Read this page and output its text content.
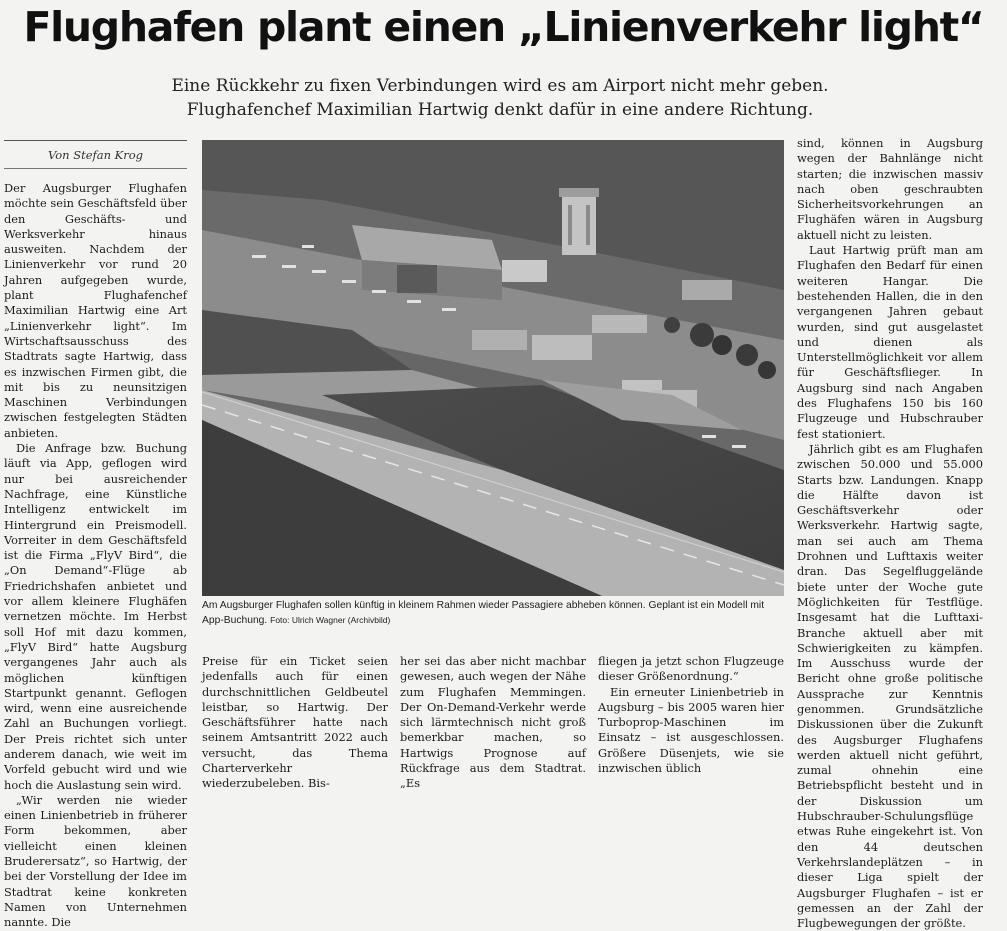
Flughafen plant einen „Linienverkehr light“
Eine Rückkehr zu fixen Verbindungen wird es am Airport nicht mehr geben.
Flughafenchef Maximilian Hartwig denkt dafür in eine andere Richtung.
Von Stefan Krog

Der Augsburger Flughafen möchte sein Geschäftsfeld über den Geschäfts- und Werksverkehr hinaus ausweiten. Nachdem der Linienverkehr vor rund 20 Jahren aufgegeben wurde, plant Flughafenchef Maximilian Hartwig eine Art „Linienverkehr light“. Im Wirtschaftsausschuss des Stadtrats sagte Hartwig, dass es inzwischen Firmen gibt, die mit bis zu neunsitzigen Maschinen Verbindungen zwischen festgelegten Städten anbieten.

Die Anfrage bzw. Buchung läuft via App, geflogen wird nur bei ausreichender Nachfrage, eine Künstliche Intelligenz entwickelt im Hintergrund ein Preismodell. Vorreiter in dem Geschäftsfeld ist die Firma „FlyV Bird“, die „On Demand“-Flüge ab Friedrichshafen anbietet und vor allem kleinere Flughäfen vernetzen möchte. Im Herbst soll Hof mit dazu kommen, „FlyV Bird“ hatte Augsburg vergangenes Jahr auch als möglichen künftigen Startpunkt genannt. Geflogen wird, wenn eine ausreichende Zahl an Buchungen vorliegt. Der Preis richtet sich unter anderem danach, wie weit im Vorfeld gebucht wird und wie hoch die Auslastung sein wird.

„Wir werden nie wieder einen Linienbetrieb in früherer Form bekommen, aber vielleicht einen kleinen Bruderersatz“, so Hartwig, der bei der Vorstellung der Idee im Stadtrat keine konkreten Namen von Unternehmen nannte. Die

Am Augsburger Flughafen sollen künftig in kleinem Rahmen wieder Passagiere abheben können. Geplant ist ein Modell mit App-Buchung. Foto: Ulrich Wagner (Archivbild)

Preise für ein Ticket seien jedenfalls auch für einen durchschnittlichen Geldbeutel leistbar, so Hartwig. Der Geschäftsführer hatte nach seinem Amtsantritt 2022 auch versucht, das Thema Charterverkehr wiederzubeleben. Bis-

her sei das aber nicht machbar gewesen, auch wegen der Nähe zum Flughafen Memmingen. Der On-Demand-Verkehr werde sich lärmtechnisch nicht groß bemerkbar machen, so Hartwigs Prognose auf Rückfrage aus dem Stadtrat. „Es

fliegen ja jetzt schon Flugzeuge dieser Größenordnung.“

Ein erneuter Linienbetrieb in Augsburg – bis 2005 waren hier Turboprop-Maschinen im Einsatz – ist ausgeschlossen. Größere Düsenjets, wie sie inzwischen üblich

sind, können in Augsburg wegen der Bahnlänge nicht starten; die inzwischen massiv nach oben geschraubten Sicherheitsvorkehrungen an Flughäfen wären in Augsburg aktuell nicht zu leisten.

Laut Hartwig prüft man am Flughafen den Bedarf für einen weiteren Hangar. Die bestehenden Hallen, die in den vergangenen Jahren gebaut wurden, sind gut ausgelastet und dienen als Unterstellmöglichkeit vor allem für Geschäftsflieger. In Augsburg sind nach Angaben des Flughafens 150 bis 160 Flugzeuge und Hubschrauber fest stationiert.

Jährlich gibt es am Flughafen zwischen 50.000 und 55.000 Starts bzw. Landungen. Knapp die Hälfte davon ist Geschäftsverkehr oder Werksverkehr. Hartwig sagte, man sei auch am Thema Drohnen und Lufttaxis weiter dran. Das Segelfluggelände biete unter der Woche gute Möglichkeiten für Testflüge. Insgesamt hat die Lufttaxi-Branche aktuell aber mit Schwierigkeiten zu kämpfen. Im Ausschuss wurde der Bericht ohne große politische Aussprache zur Kenntnis genommen. Grundsätzliche Diskussionen über die Zukunft des Augsburger Flughafens werden aktuell nicht geführt, zumal ohnehin eine Betriebspflicht besteht und in der Diskussion um Hubschrauber-Schulungsflüge etwas Ruhe eingekehrt ist. Von den 44 deutschen Verkehrslandeplätzen – in dieser Liga spielt der Augsburger Flughafen – ist er gemessen an der Zahl der Flugbewegungen der größte.
